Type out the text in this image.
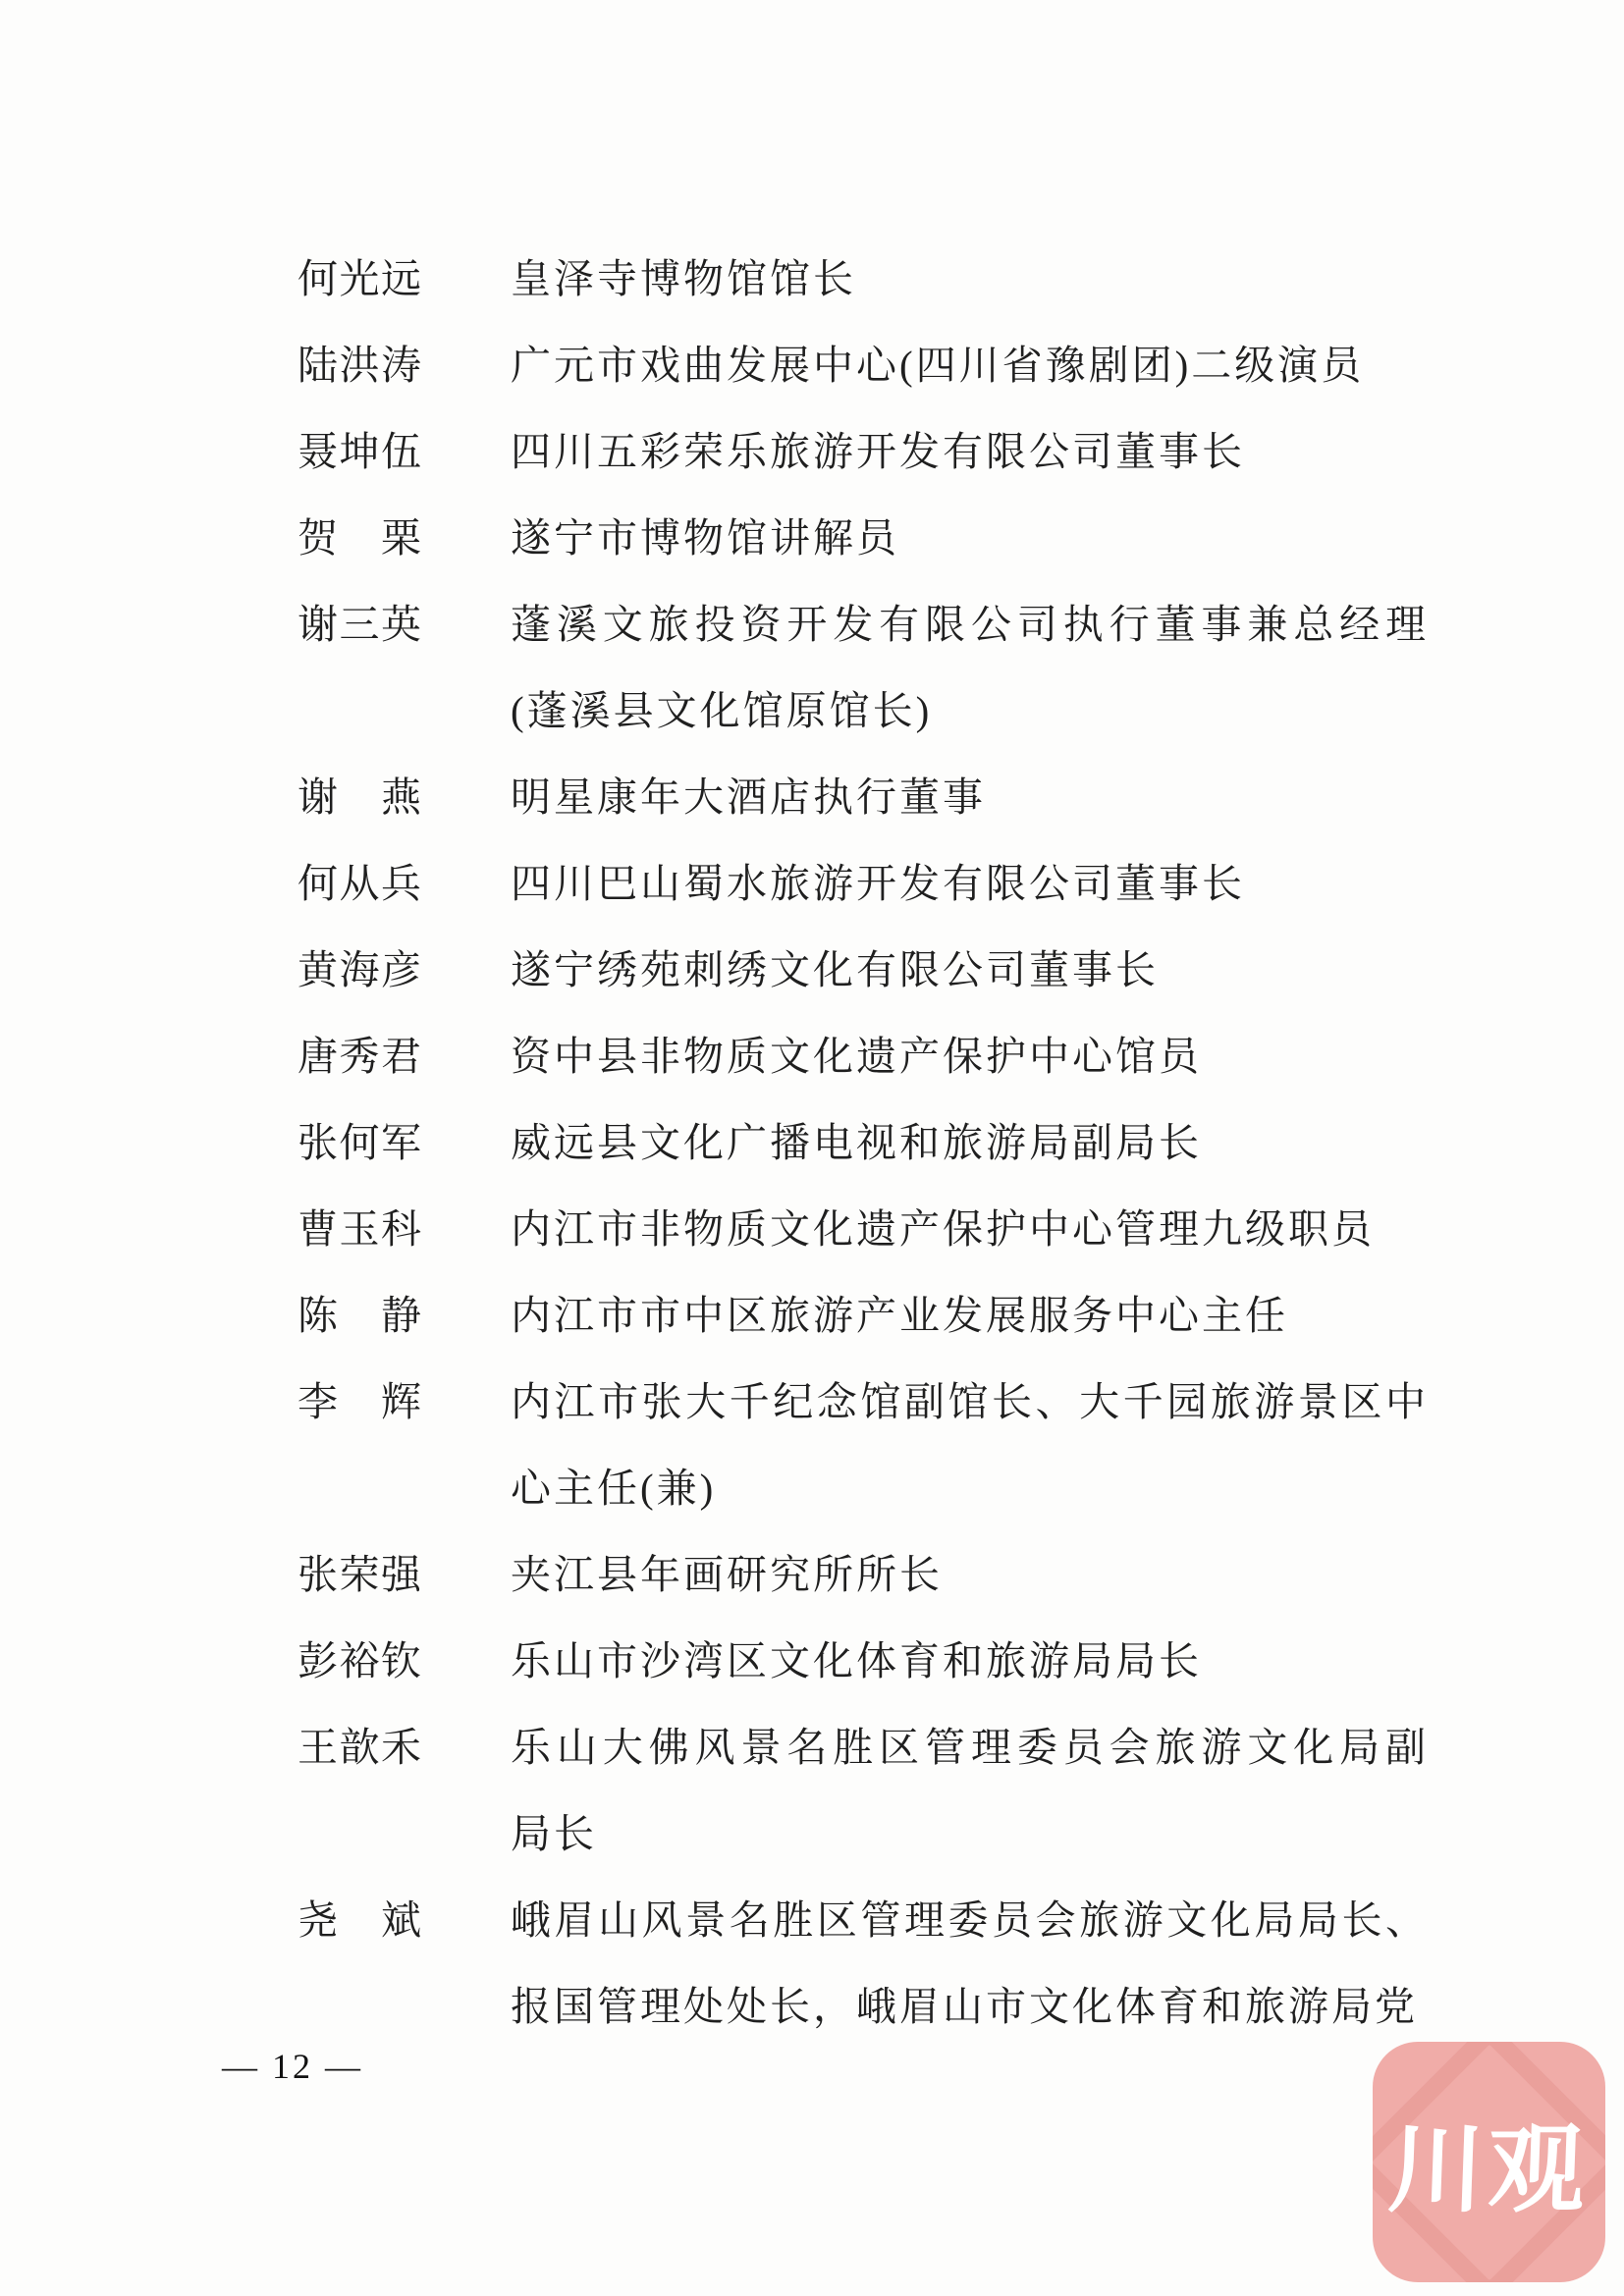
何光远 皇泽寺博物馆馆长
陆洪涛 广元市戏曲发展中心(四川省豫剧团)二级演员
聂坤伍 四川五彩荣乐旅游开发有限公司董事长
贺　栗 遂宁市博物馆讲解员
谢三英 蓬溪文旅投资开发有限公司执行董事兼总经理
(蓬溪县文化馆原馆长)
谢　燕 明星康年大酒店执行董事
何从兵 四川巴山蜀水旅游开发有限公司董事长
黄海彦 遂宁绣苑刺绣文化有限公司董事长
唐秀君 资中县非物质文化遗产保护中心馆员
张何军 威远县文化广播电视和旅游局副局长
曹玉科 内江市非物质文化遗产保护中心管理九级职员
陈　静 内江市市中区旅游产业发展服务中心主任
李　辉 内江市张大千纪念馆副馆长、大千园旅游景区中
心主任(兼)
张荣强 夹江县年画研究所所长
彭裕钦 乐山市沙湾区文化体育和旅游局局长
王歆禾 乐山大佛风景名胜区管理委员会旅游文化局副
局长
尧　斌 峨眉山风景名胜区管理委员会旅游文化局局长、
报国管理处处长，峨眉山市文化体育和旅游局党
— 12 —
川观
